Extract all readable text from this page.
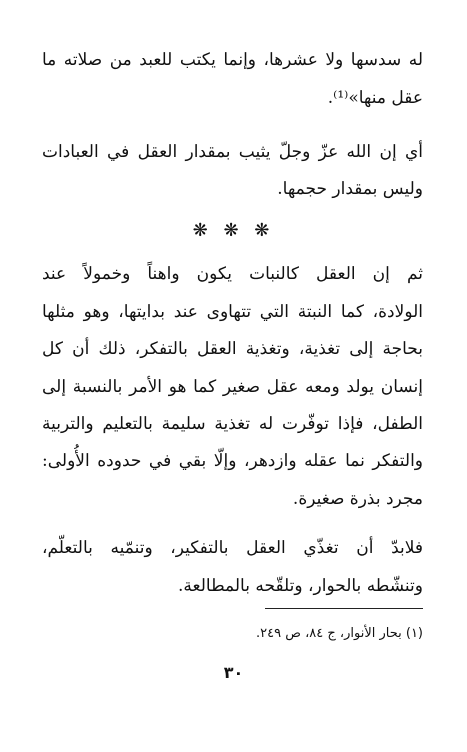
له سدسها ولا عشرها، وإنما يكتب للعبد من صلاته ما
عقل منها»⁽¹⁾.
أي إن الله عزّ وجلّ يثيب بمقدار العقل في العبادات
وليس بمقدار حجمها.
❋ ❋ ❋
ثم إن العقل كالنبات يكون واهناً وخمولاً عند
الولادة، كما النبتة التي تتهاوى عند بدايتها، وهو مثلها
بحاجة إلى تغذية، وتغذية العقل بالتفكر، ذلك أن كل
إنسان يولد ومعه عقل صغير كما هو الأمر بالنسبة إلى
الطفل، فإذا توفّرت له تغذية سليمة بالتعليم والتربية
والتفكر نما عقله وازدهر، وإلّا بقي في حدوده الأُولى:
مجرد بذرة صغيرة.
فلابدّ أن تغذّي العقل بالتفكير، وتنمّيه بالتعلّم،
وتنشّطه بالحوار، وتلقّحه بالمطالعة.
(١) بحار الأنوار، ج ٨٤، ص ٢٤٩.
٣٠
